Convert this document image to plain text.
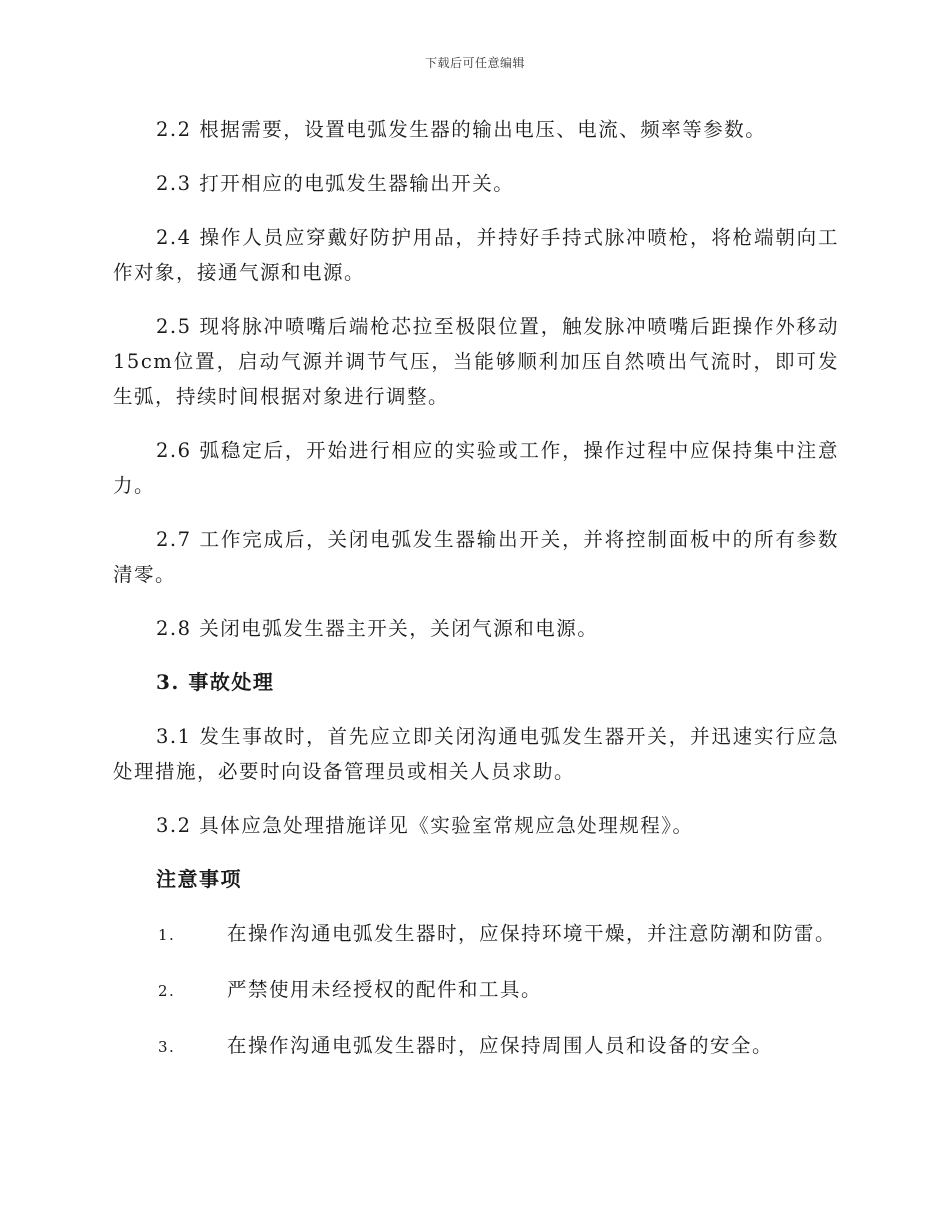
下载后可任意编辑

2.2 根据需要，设置电弧发生器的输出电压、电流、频率等参数。

2.3 打开相应的电弧发生器输出开关。

2.4 操作人员应穿戴好防护用品，并持好手持式脉冲喷枪，将枪端朝向工作对象，接通气源和电源。

2.5 现将脉冲喷嘴后端枪芯拉至极限位置，触发脉冲喷嘴后距操作外移动15cm位置，启动气源并调节气压，当能够顺利加压自然喷出气流时，即可发生弧，持续时间根据对象进行调整。

2.6 弧稳定后，开始进行相应的实验或工作，操作过程中应保持集中注意力。

2.7 工作完成后，关闭电弧发生器输出开关，并将控制面板中的所有参数清零。

2.8 关闭电弧发生器主开关，关闭气源和电源。

3. 事故处理

3.1 发生事故时，首先应立即关闭沟通电弧发生器开关，并迅速实行应急处理措施，必要时向设备管理员或相关人员求助。

3.2 具体应急处理措施详见《实验室常规应急处理规程》。

注意事项

1.	在操作沟通电弧发生器时，应保持环境干燥，并注意防潮和防雷。
2.	严禁使用未经授权的配件和工具。
3.	在操作沟通电弧发生器时，应保持周围人员和设备的安全。
